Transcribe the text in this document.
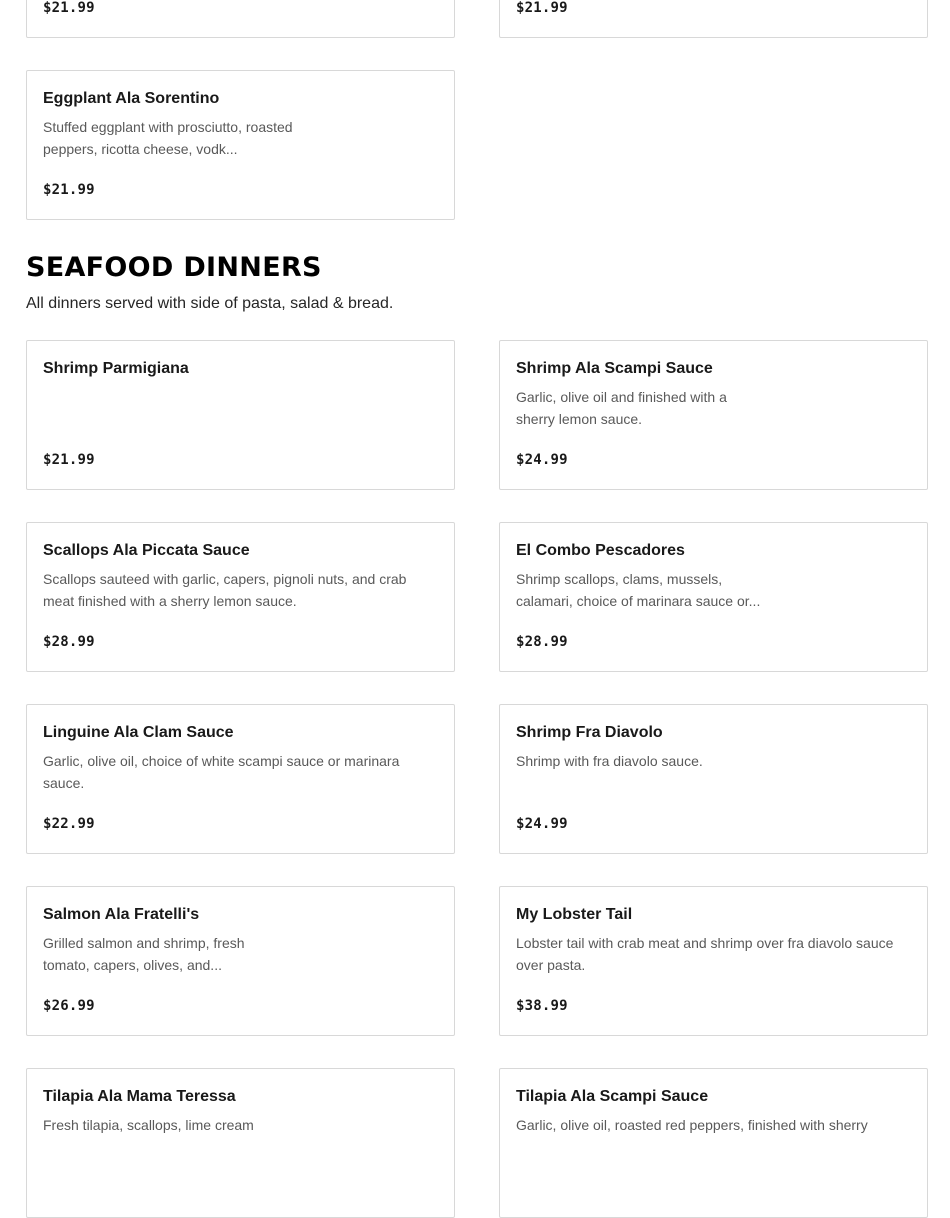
$21.99	$21.99
Eggplant Ala Sorentino
Stuffed eggplant with prosciutto, roasted peppers, ricotta cheese, vodk...
$21.99
SEAFOOD DINNERS
All dinners served with side of pasta, salad & bread.
Shrimp Parmigiana
$21.99
Shrimp Ala Scampi Sauce
Garlic, olive oil and finished with a sherry lemon sauce.
$24.99
Scallops Ala Piccata Sauce
Scallops sauteed with garlic, capers, pignoli nuts, and crab meat finished with a sherry lemon sauce.
$28.99
El Combo Pescadores
Shrimp scallops, clams, mussels, calamari, choice of marinara sauce or...
$28.99
Linguine Ala Clam Sauce
Garlic, olive oil, choice of white scampi sauce or marinara sauce.
$22.99
Shrimp Fra Diavolo
Shrimp with fra diavolo sauce.
$24.99
Salmon Ala Fratelli's
Grilled salmon and shrimp, fresh tomato, capers, olives, and...
$26.99
My Lobster Tail
Lobster tail with crab meat and shrimp over fra diavolo sauce over pasta.
$38.99
Tilapia Ala Mama Teressa
Fresh tilapia, scallops, lime cream
Tilapia Ala Scampi Sauce
Garlic, olive oil, roasted red peppers, finished with sherry
